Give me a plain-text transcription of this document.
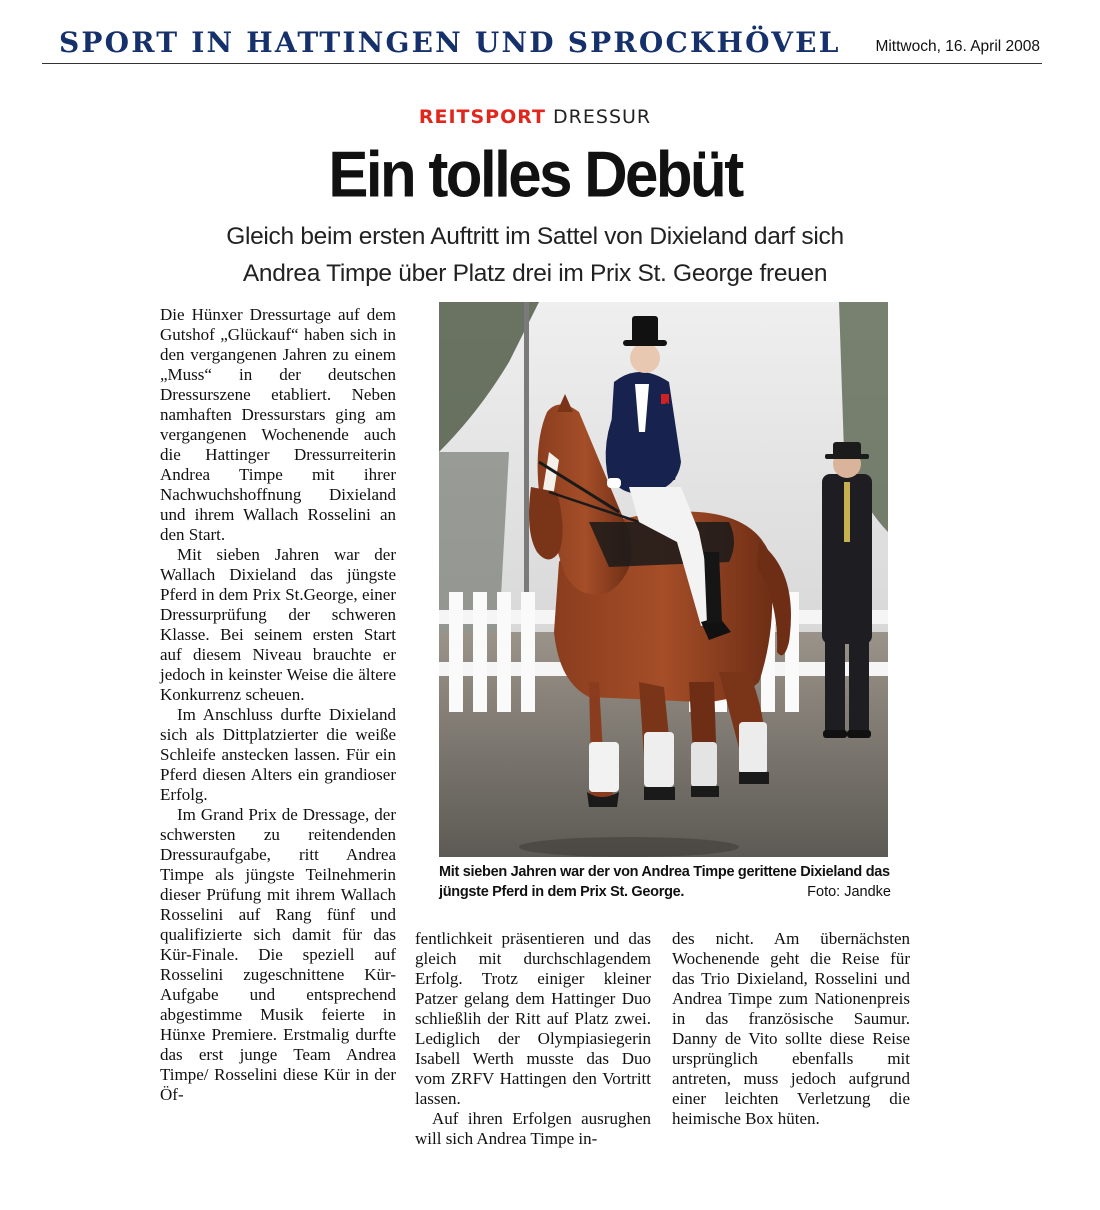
SPORT IN HATTINGEN UND SPROCKHÖVEL Mittwoch, 16. April 2008
REITSPORT DRESSUR
Ein tolles Debüt
Gleich beim ersten Auftritt im Sattel von Dixieland darf sich
Andrea Timpe über Platz drei im Prix St. George freuen

Die Hünxer Dressurtage auf dem Gutshof „Glückauf“ haben sich in den vergangenen Jahren zu einem „Muss“ in der deutschen Dressurszene etabliert. Neben namhaften Dressurstars ging am vergangenen Wochenende auch die Hattinger Dressurreiterin Andrea Timpe mit ihrer Nachwuchshoffnung Dixieland und ihrem Wallach Rosselini an den Start.

Mit sieben Jahren war der Wallach Dixieland das jüngste Pferd in dem Prix St.George, einer Dressurprüfung der schweren Klasse. Bei seinem ersten Start auf diesem Niveau brauchte er jedoch in keinster Weise die ältere Konkurrenz scheuen.

Im Anschluss durfte Dixieland sich als Dittplatzierter die weiße Schleife anstecken lassen. Für ein Pferd diesen Alters ein grandioser Erfolg.

Im Grand Prix de Dressage, der schwersten zu reitendenden Dressuraufgabe, ritt Andrea Timpe als jüngste Teilnehmerin dieser Prüfung mit ihrem Wallach Rosselini auf Rang fünf und qualifizierte sich damit für das Kür-Finale. Die speziell auf Rosselini zugeschnittene Kür-Aufgabe und entsprechend abgestimme Musik feierte in Hünxe Premiere. Erstmalig durfte das erst junge Team Andrea Timpe/ Rosselini diese Kür in der Öf-

Mit sieben Jahren war der von Andrea Timpe gerittene Dixieland das jüngste Pferd in dem Prix St. George.	Foto: Jandke

fentlichkeit präsentieren und das gleich mit durchschlagendem Erfolg. Trotz einiger kleiner Patzer gelang dem Hattinger Duo schließlih der Ritt auf Platz zwei. Lediglich der Olympiasiegerin Isabell Werth musste das Duo vom ZRFV Hattingen den Vortritt lassen.

Auf ihren Erfolgen ausrughen will sich Andrea Timpe in-

des nicht. Am übernächsten Wochenende geht die Reise für das Trio Dixieland, Rosselini und Andrea Timpe zum Nationenpreis in das französische Saumur. Danny de Vito sollte diese Reise ursprünglich ebenfalls mit antreten, muss jedoch aufgrund einer leichten Verletzung die heimische Box hüten.
